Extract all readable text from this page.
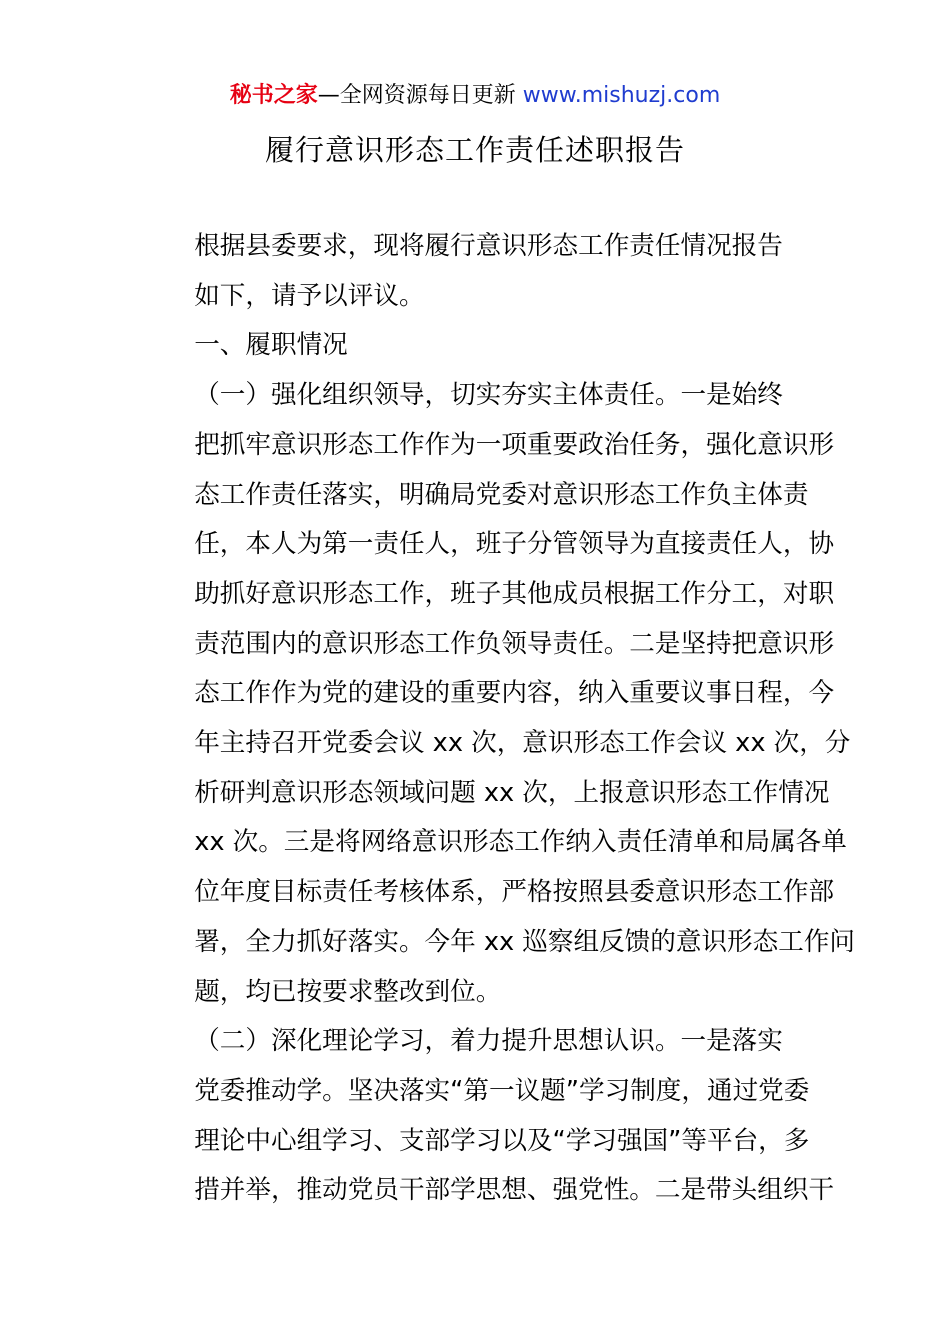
秘书之家—全网资源每日更新 www.mishuzj.com
履行意识形态工作责任述职报告

根据县委要求，现将履行意识形态工作责任情况报告
如下，请予以评议。

一、履职情况

（一）强化组织领导，切实夯实主体责任。一是始终
把抓牢意识形态工作作为一项重要政治任务，强化意识形
态工作责任落实，明确局党委对意识形态工作负主体责
任，本人为第一责任人，班子分管领导为直接责任人，协
助抓好意识形态工作，班子其他成员根据工作分工，对职
责范围内的意识形态工作负领导责任。二是坚持把意识形
态工作作为党的建设的重要内容，纳入重要议事日程，今
年主持召开党委会议 xx 次，意识形态工作会议 xx 次，分
析研判意识形态领域问题 xx 次，上报意识形态工作情况
xx 次。三是将网络意识形态工作纳入责任清单和局属各单
位年度目标责任考核体系，严格按照县委意识形态工作部
署，全力抓好落实。今年 xx 巡察组反馈的意识形态工作问
题，均已按要求整改到位。

（二）深化理论学习，着力提升思想认识。一是落实
党委推动学。坚决落实“第一议题”学习制度，通过党委
理论中心组学习、支部学习以及“学习强国”等平台，多
措并举，推动党员干部学思想、强党性。二是带头组织干
